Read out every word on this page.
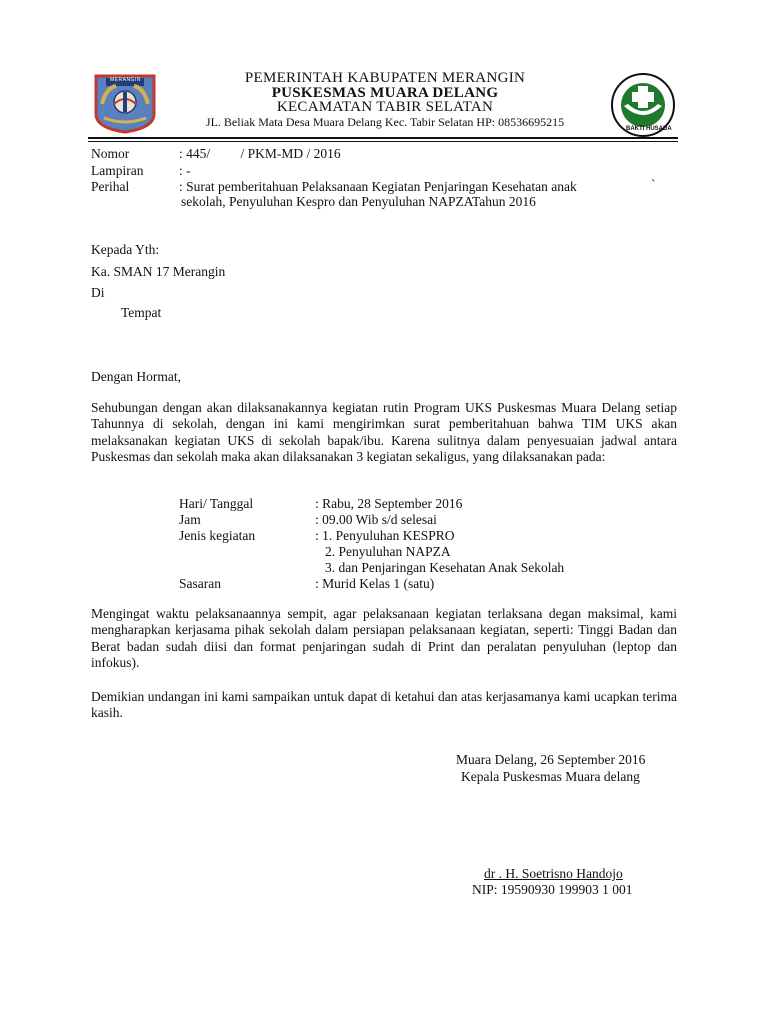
MERANGIN	PEMERINTAH KABUPATEN MERANGIN
PUSKESMAS MUARA DELANG
KECAMATAN TABIR SELATAN
JL. Beliak Mata Desa Muara Delang Kec. Tabir Selatan HP: 08536695215	BAKTI HUSADA
Nomor	: 445/         / PKM-MD / 2016
Lampiran	: -
Perihal	: Surat pemberitahuan Pelaksanaan Kegiatan Penjaringan Kesehatan anak
sekolah, Penyuluhan Kespro dan Penyuluhan NAPZATahun 2016
`
Kepada Yth:
Ka. SMAN 17 Merangin
Di
Tempat
Dengan Hormat,
Sehubungan dengan akan dilaksanakannya kegiatan rutin Program UKS Puskesmas Muara Delang setiap Tahunnya di sekolah, dengan ini kami mengirimkan surat pemberitahuan bahwa TIM UKS akan melaksanakan kegiatan UKS di sekolah bapak/ibu. Karena sulitnya dalam penyesuaian jadwal antara Puskesmas dan sekolah maka akan dilaksanakan 3 kegiatan sekaligus, yang dilaksanakan pada:
Hari/ Tanggal	: Rabu, 28 September 2016
Jam	: 09.00 Wib s/d selesai
Jenis kegiatan	: 1. Penyuluhan KESPRO
2. Penyuluhan NAPZA
3. dan Penjaringan Kesehatan Anak Sekolah
Sasaran	: Murid Kelas 1 (satu)
Mengingat waktu pelaksanaannya sempit, agar pelaksanaan kegiatan terlaksana degan maksimal, kami mengharapkan kerjasama pihak sekolah dalam persiapan pelaksanaan kegiatan, seperti: Tinggi Badan dan Berat badan sudah diisi dan format penjaringan sudah di Print dan peralatan penyuluhan (leptop dan infokus).
Demikian undangan ini kami sampaikan untuk dapat di ketahui dan atas kerjasamanya kami ucapkan terima kasih.
Muara Delang, 26 September 2016
Kepala Puskesmas Muara delang
dr . H. Soetrisno Handojo
NIP: 19590930 199903 1 001
